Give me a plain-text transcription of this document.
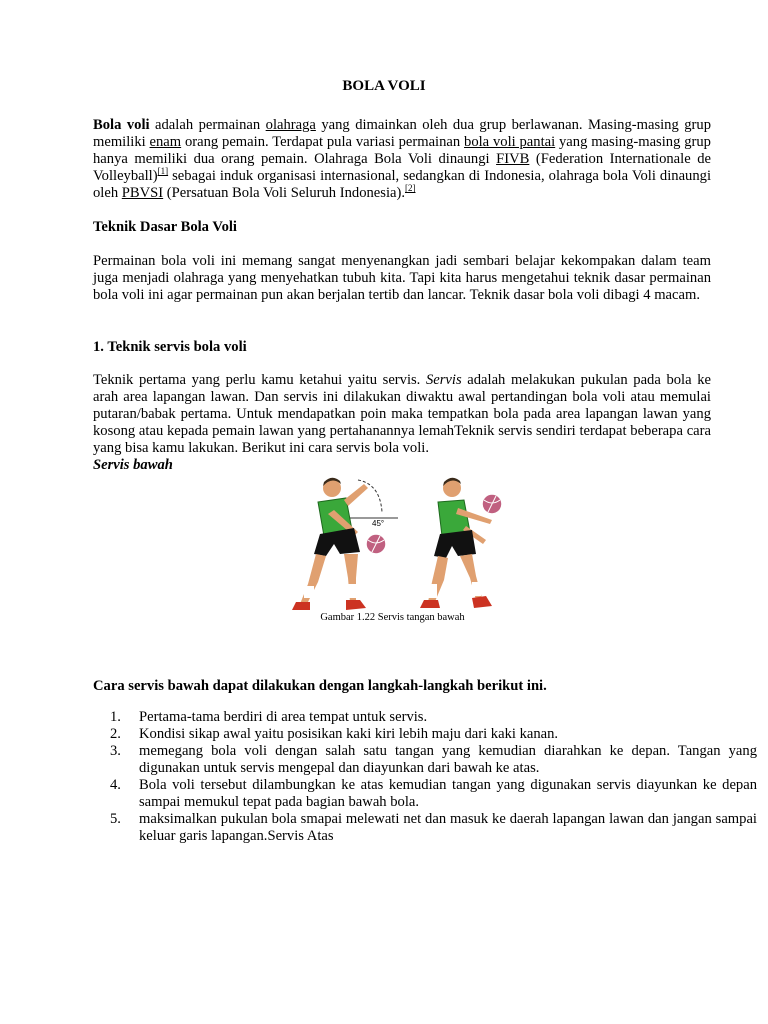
BOLA VOLI

Bola voli adalah permainan olahraga yang dimainkan oleh dua grup berlawanan. Masing-masing grup memiliki enam orang pemain. Terdapat pula variasi permainan bola voli pantai yang masing-masing grup hanya memiliki dua orang pemain. Olahraga Bola Voli dinaungi FIVB (Federation Internationale de Volleyball)[1] sebagai induk organisasi internasional, sedangkan di Indonesia, olahraga bola Voli dinaungi oleh PBVSI (Persatuan Bola Voli Seluruh Indonesia).[2]

Teknik Dasar Bola Voli

Permainan bola voli ini memang sangat menyenangkan jadi sembari belajar kekompakan dalam team juga menjadi olahraga yang menyehatkan tubuh kita. Tapi kita harus mengetahui teknik dasar permainan bola voli ini agar permainan pun akan berjalan tertib dan lancar. Teknik dasar bola voli dibagi 4 macam.

1. Teknik servis bola voli

Teknik pertama yang perlu kamu ketahui yaitu servis. Servis adalah melakukan pukulan pada bola ke arah area lapangan lawan. Dan servis ini dilakukan diwaktu awal pertandingan bola voli atau memulai putaran/babak pertama. Untuk mendapatkan poin maka tempatkan bola pada area lapangan lawan yang kosong atau kepada pemain lawan yang pertahanannya lemahTeknik servis sendiri terdapat beberapa cara yang bisa kamu lakukan. Berikut ini cara servis bola voli.

Servis bawah

45°
Gambar 1.22 Servis tangan bawah

Cara servis bawah dapat dilakukan dengan langkah-langkah berikut ini.

1. Pertama-tama berdiri di area tempat untuk servis.
2. Kondisi sikap awal yaitu posisikan kaki kiri lebih maju dari kaki kanan.
3. memegang bola voli dengan salah satu tangan yang kemudian diarahkan ke depan. Tangan yang digunakan untuk servis mengepal dan diayunkan dari bawah ke atas.
4. Bola voli tersebut dilambungkan ke atas kemudian tangan yang digunakan servis diayunkan ke depan sampai memukul tepat pada bagian bawah bola.
5. maksimalkan pukulan bola smapai melewati net dan masuk ke daerah lapangan lawan dan jangan sampai keluar garis lapangan.Servis Atas
